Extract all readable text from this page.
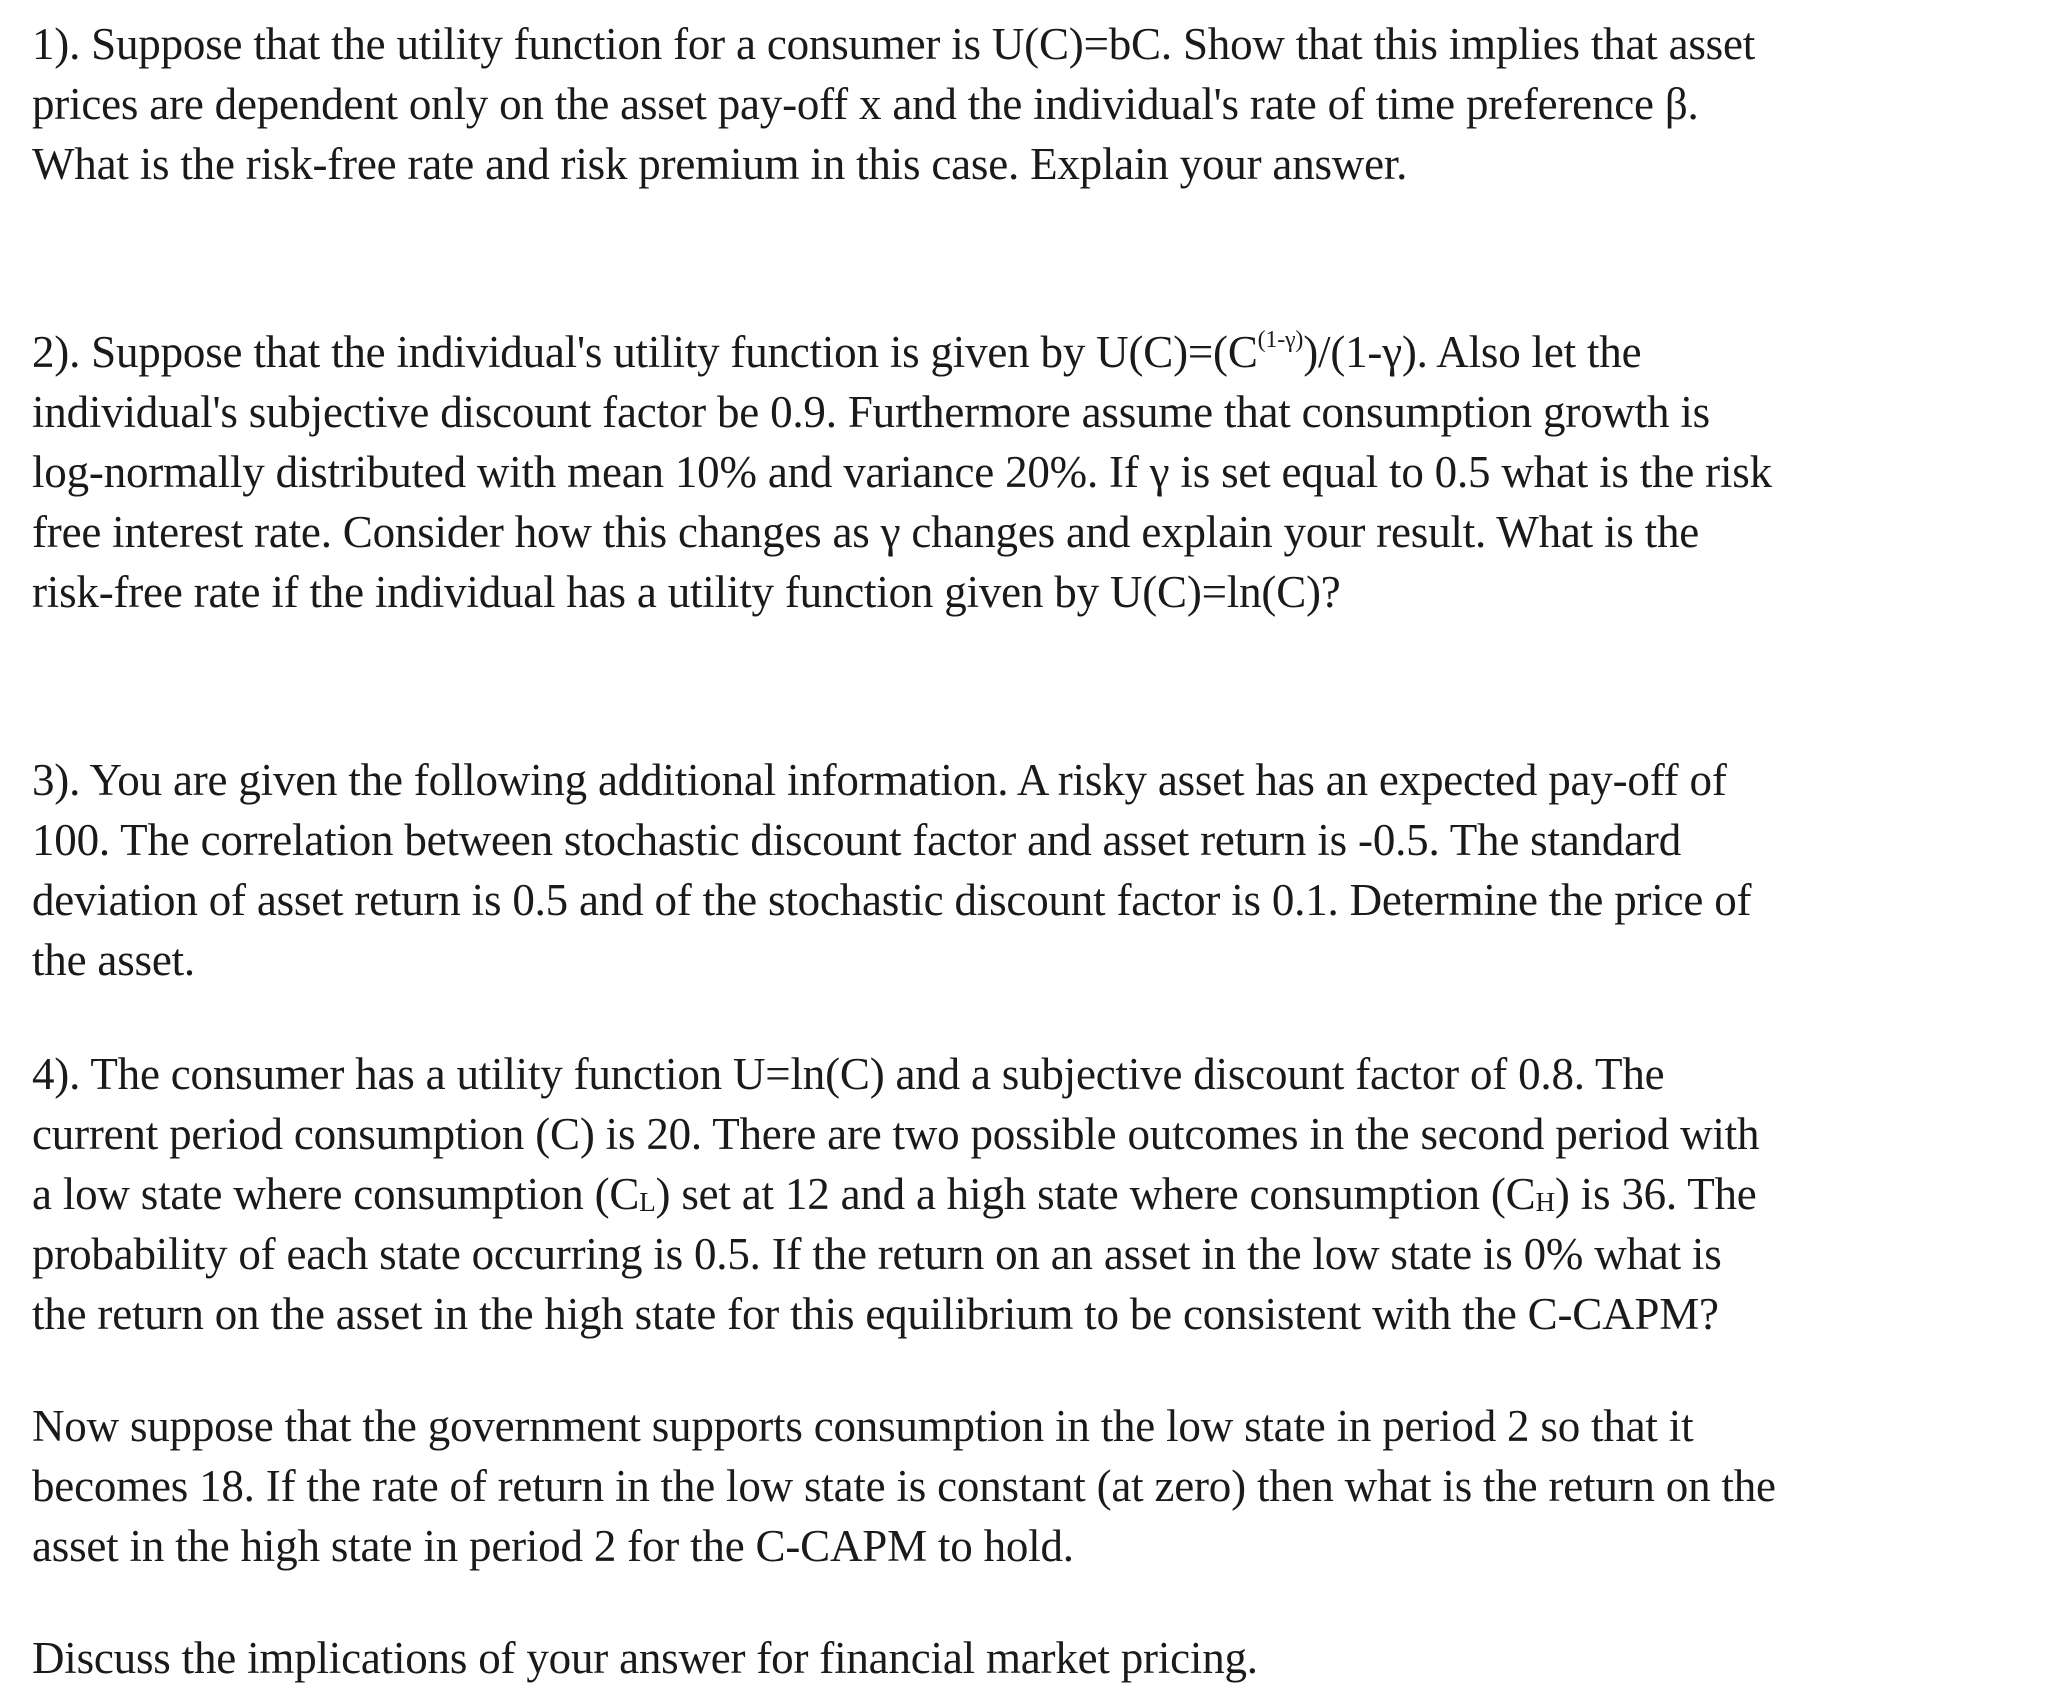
1). Suppose that the utility function for a consumer is U(C)=bC. Show that this implies that asset
prices are dependent only on the asset pay-off x and the individual's rate of time preference β.
What is the risk-free rate and risk premium in this case. Explain your answer.

2). Suppose that the individual's utility function is given by $U(C)=(C^{(1-\gamma)})/(1-\gamma)$. Also let the
individual's subjective discount factor be 0.9. Furthermore assume that consumption growth is
log-normally distributed with mean 10% and variance 20%. If γ is set equal to 0.5 what is the risk
free interest rate. Consider how this changes as γ changes and explain your result. What is the
risk-free rate if the individual has a utility function given by U(C)=ln(C)?

3). You are given the following additional information. A risky asset has an expected pay-off of
100. The correlation between stochastic discount factor and asset return is -0.5. The standard
deviation of asset return is 0.5 and of the stochastic discount factor is 0.1. Determine the price of
the asset.

4). The consumer has a utility function U=ln(C) and a subjective discount factor of 0.8. The
current period consumption (C) is 20. There are two possible outcomes in the second period with
a low state where consumption (CL) set at 12 and a high state where consumption (CH) is 36. The
probability of each state occurring is 0.5. If the return on an asset in the low state is 0% what is
the return on the asset in the high state for this equilibrium to be consistent with the C-CAPM?

Now suppose that the government supports consumption in the low state in period 2 so that it
becomes 18. If the rate of return in the low state is constant (at zero) then what is the return on the
asset in the high state in period 2 for the C-CAPM to hold.

Discuss the implications of your answer for financial market pricing.
